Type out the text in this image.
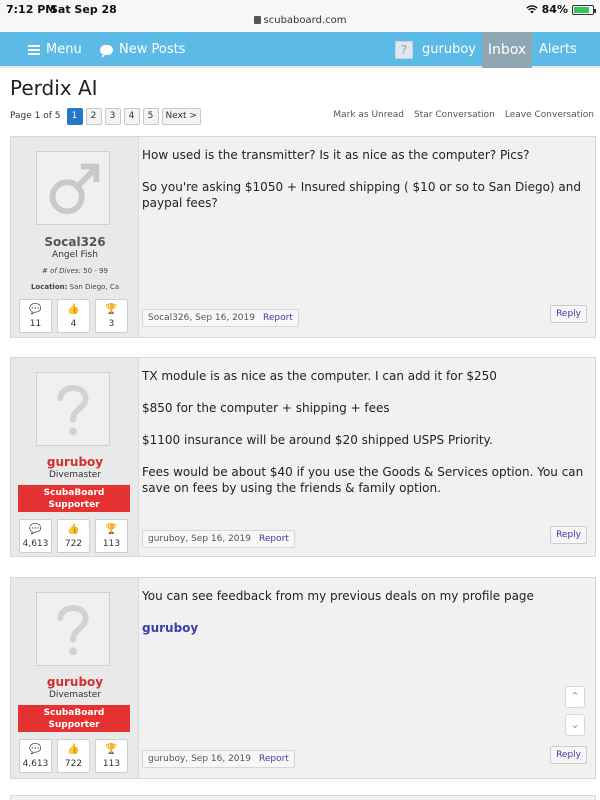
7:12 PM
Sat Sep 28
scubaboard.com
84%
Menu	New Posts	?	guruboy Inbox Alerts
Perdix AI
Page 1 of 5	1	2	3	4	5	Next >	Mark as Unread Star Conversation Leave Conversation
Socal326
Angel Fish
# of Dives: 50 - 99
Location: San Diego, Ca
💬
11
👍
4
🏆
3

How used is the transmitter? Is it as nice as the computer? Pics?

So you're asking $1050 + Insured shipping ( $10 or so to San Diego) and paypal fees?

Socal326, Sep 16, 2019 Report	Reply
guruboy
Divemaster
ScubaBoard
Supporter
💬
4,613
👍
722
🏆
113

TX module is as nice as the computer. I can add it for $250

$850 for the computer + shipping + fees

$1100 insurance will be around $20 shipped USPS Priority.

Fees would be about $40 if you use the Goods & Services option. You can save on fees by using the friends & family option.

guruboy, Sep 16, 2019 Report	Reply
guruboy
Divemaster
ScubaBoard
Supporter
💬
4,613
👍
722
🏆
113

You can see feedback from my previous deals on my profile page

guruboy

⌃
⌄
guruboy, Sep 16, 2019 Report	Reply
